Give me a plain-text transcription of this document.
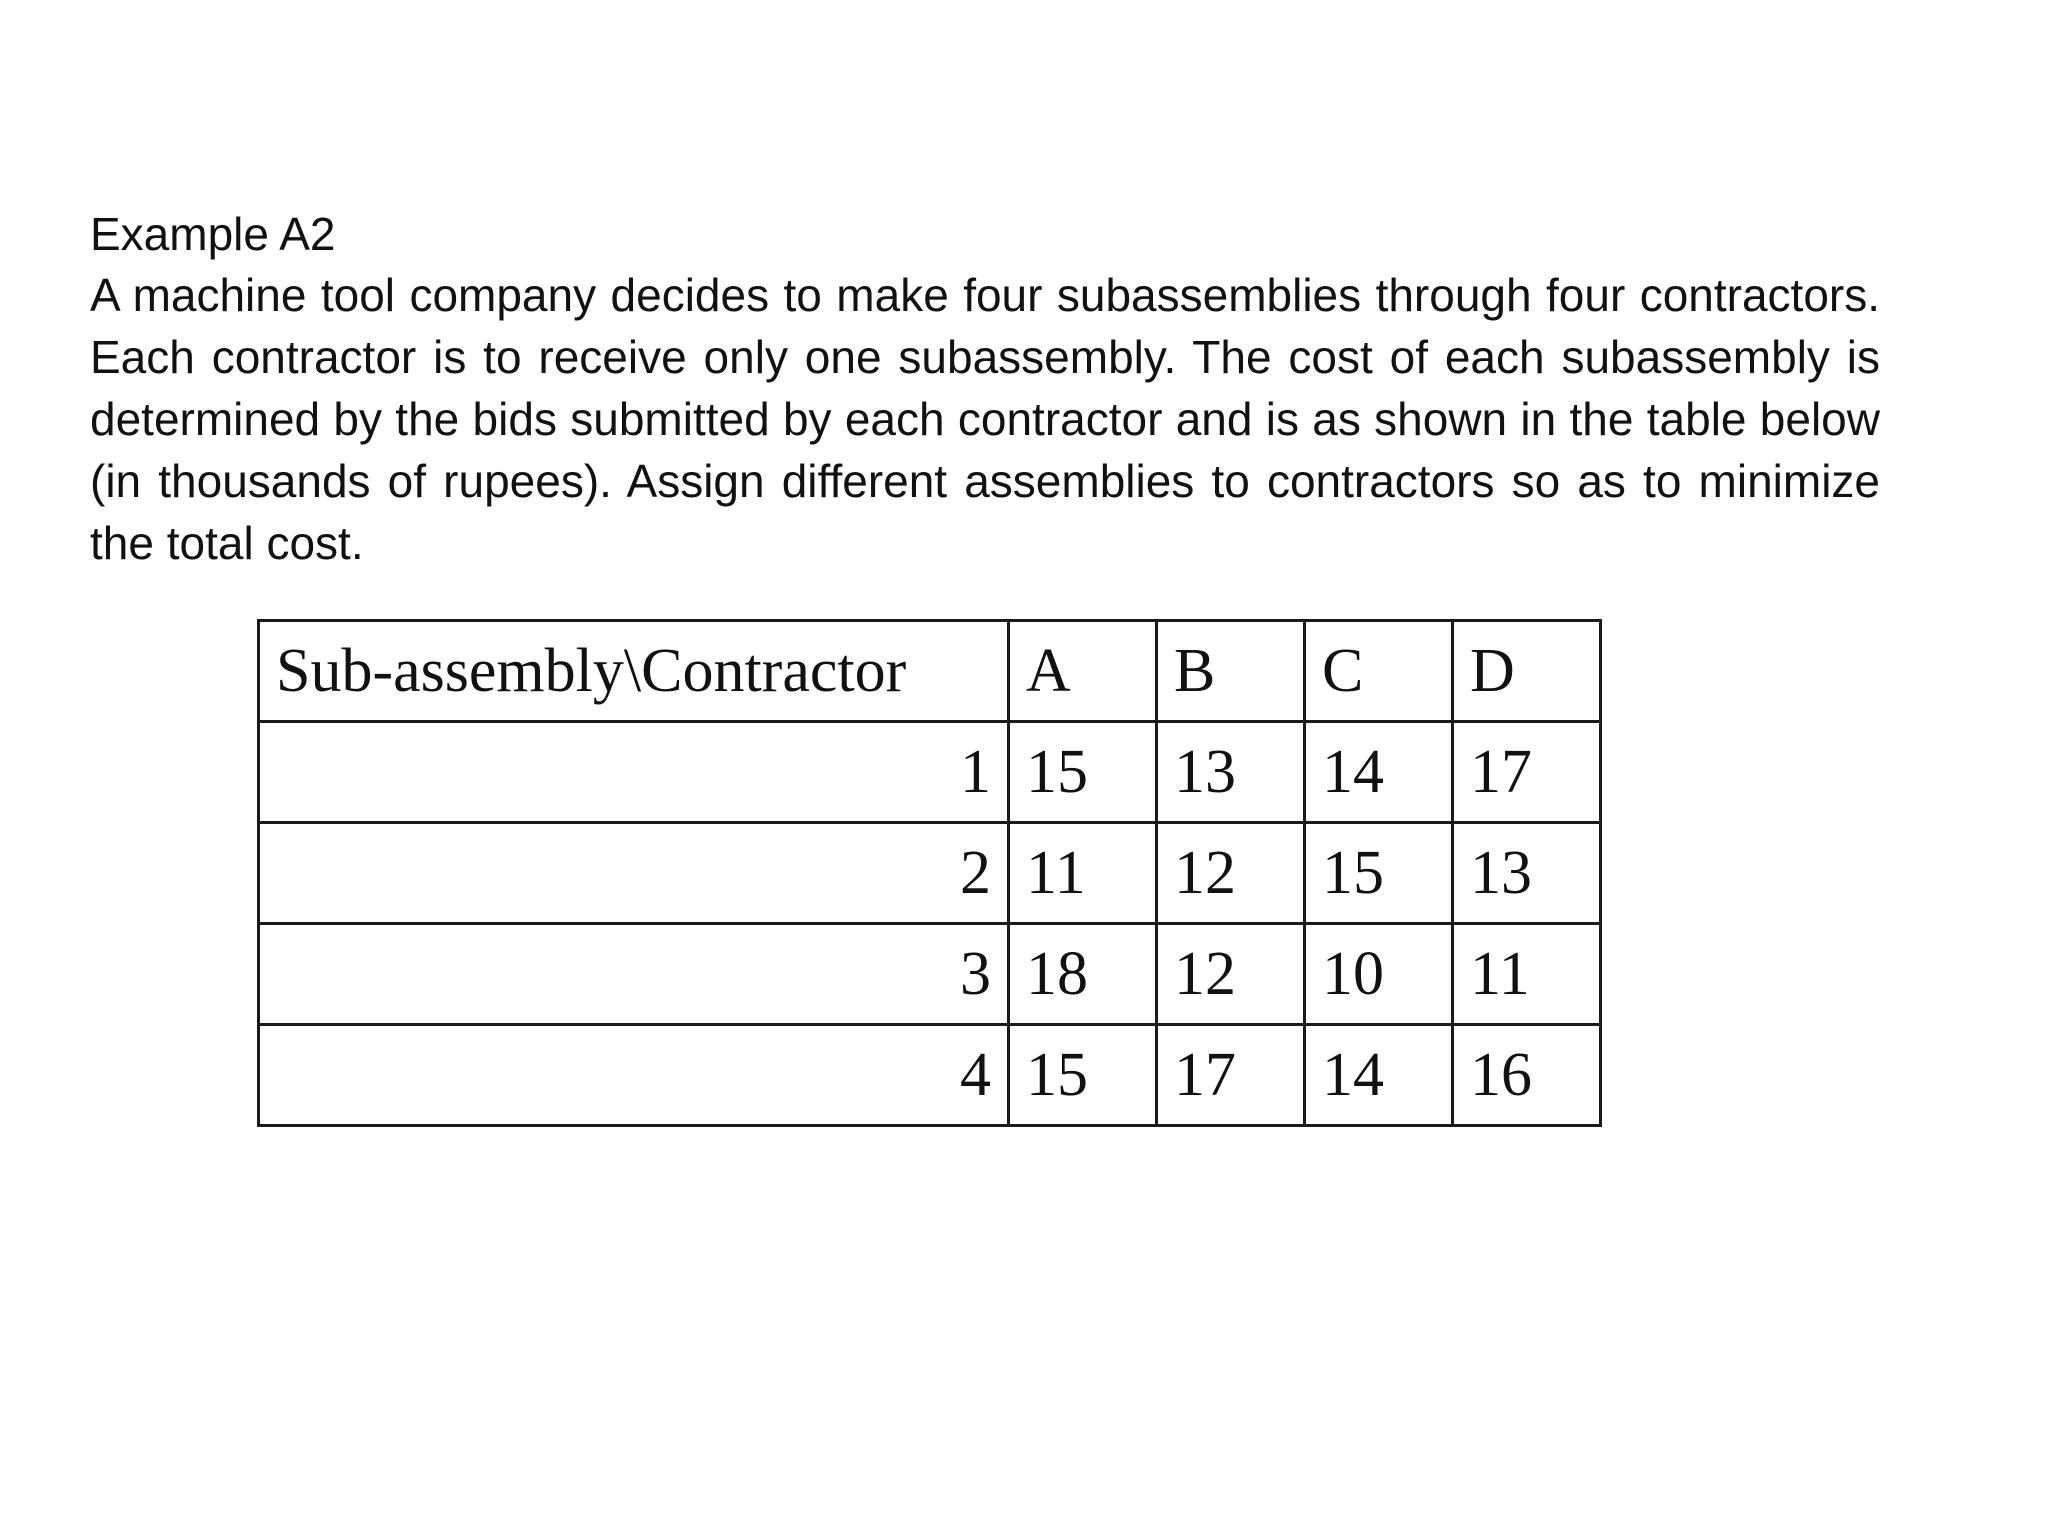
Example A2

A machine tool company decides to make four subassemblies through four contractors. Each contractor is to receive only one subassembly. The cost of each subassembly is determined by the bids submitted by each contractor and is as shown in the table below (in thousands of rupees). Assign different assemblies to contractors so as to minimize the total cost.

Sub-assembly\Contractor	A	B	C	D
1	15	13	14	17
2	11	12	15	13
3	18	12	10	11
4	15	17	14	16
